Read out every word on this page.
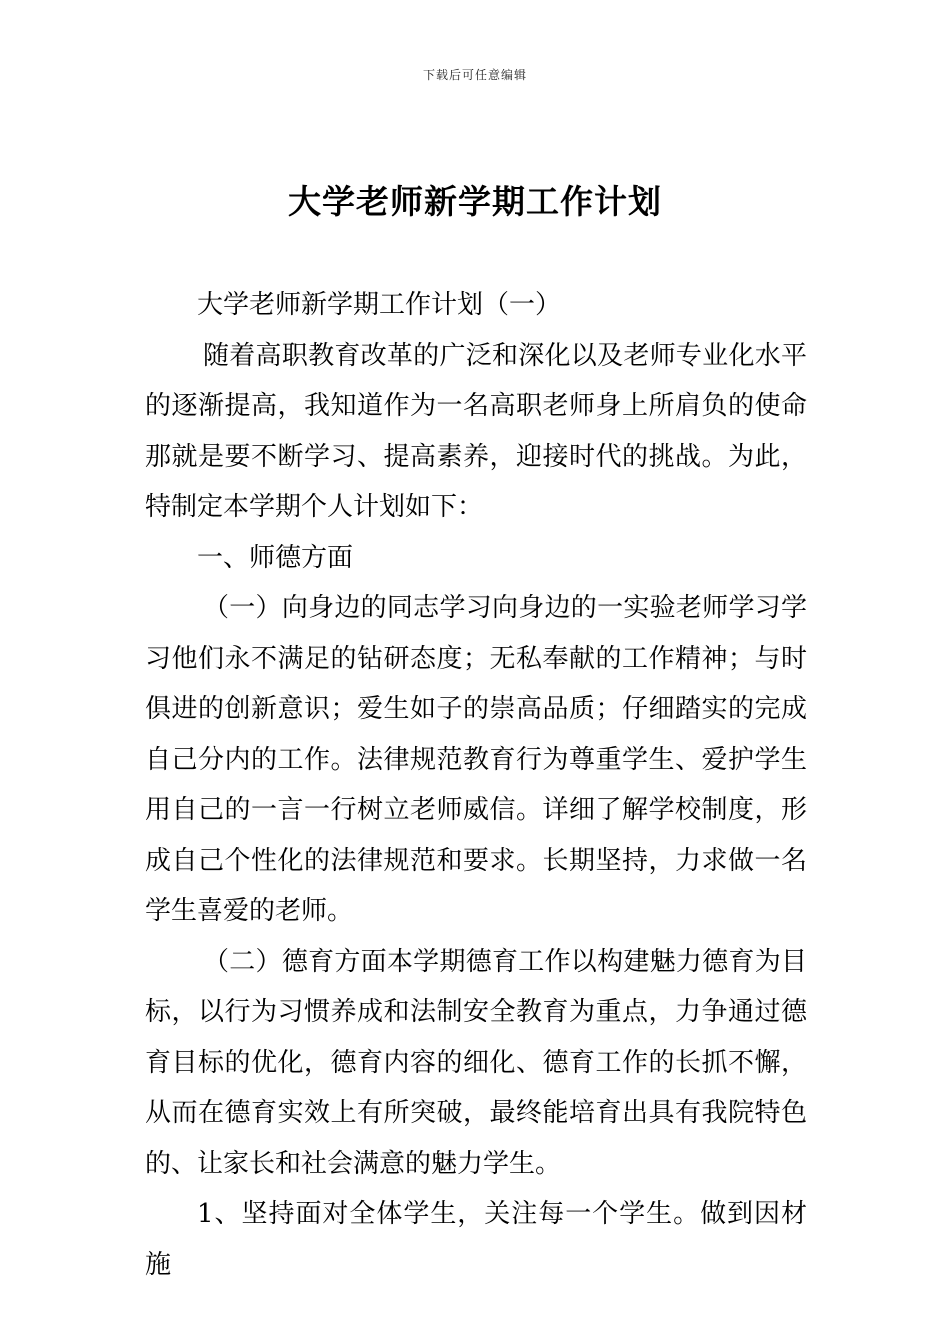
下载后可任意编辑
大学老师新学期工作计划

大学老师新学期工作计划（一）

随着高职教育改革的广泛和深化以及老师专业化水平的逐渐提高，我知道作为一名高职老师身上所肩负的使命那就是要不断学习、提高素养，迎接时代的挑战。为此，特制定本学期个人计划如下：

一、师德方面

（一）向身边的同志学习向身边的一实验老师学习学习他们永不满足的钻研态度；无私奉献的工作精神；与时俱进的创新意识；爱生如子的崇高品质；仔细踏实的完成自己分内的工作。法律规范教育行为尊重学生、爱护学生用自己的一言一行树立老师威信。详细了解学校制度，形成自己个性化的法律规范和要求。长期坚持，力求做一名学生喜爱的老师。

（二）德育方面本学期德育工作以构建魅力德育为目标，以行为习惯养成和法制安全教育为重点，力争通过德育目标的优化，德育内容的细化、德育工作的长抓不懈，从而在德育实效上有所突破，最终能培育出具有我院特色的、让家长和社会满意的魅力学生。

1、坚持面对全体学生，关注每一个学生。做到因材施
